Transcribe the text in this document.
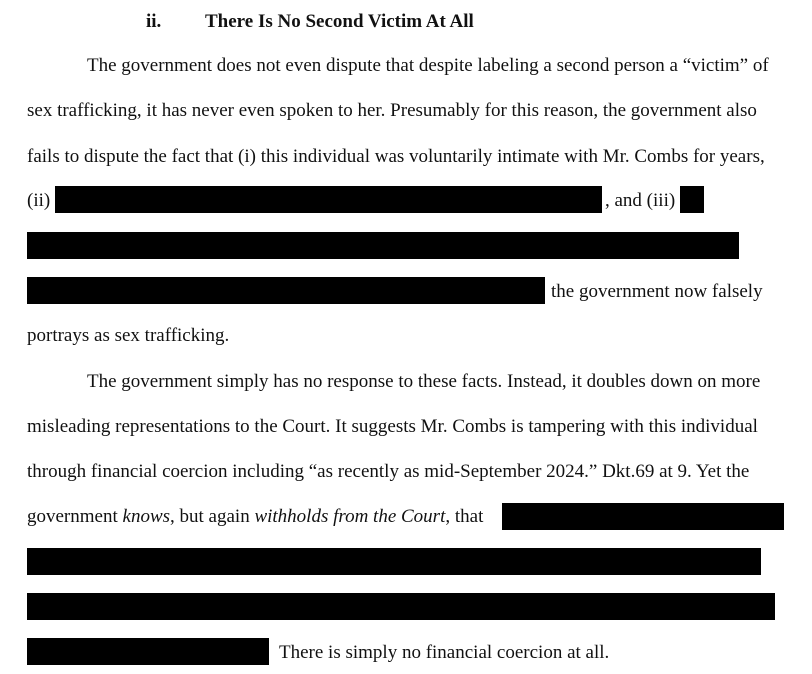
ii. There Is No Second Victim At All
The government does not even dispute that despite labeling a second person a “victim” of
sex trafficking, it has never even spoken to her. Presumably for this reason, the government also
fails to dispute the fact that (i) this individual was voluntarily intimate with Mr. Combs for years,
(ii)	, and (iii)
the government now falsely
portrays as sex trafficking.
The government simply has no response to these facts. Instead, it doubles down on more
misleading representations to the Court. It suggests Mr. Combs is tampering with this individual
through financial coercion including “as recently as mid-September 2024.” Dkt.69 at 9. Yet the
government knows, but again withholds from the Court, that
There is simply no financial coercion at all.
